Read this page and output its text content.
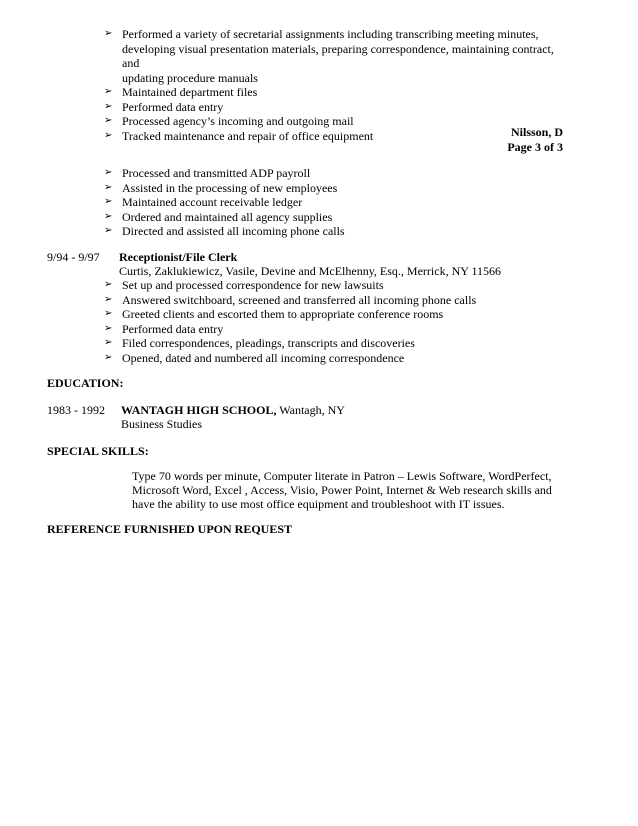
➢ Performed a variety of secretarial assignments including transcribing meeting minutes,
developing visual presentation materials, preparing correspondence, maintaining contract, and
updating procedure manuals
➢ Maintained department files
➢ Performed data entry
➢ Processed agency’s incoming and outgoing mail
➢ Tracked maintenance and repair of office equipment	Nilsson, D
Page 3 of 3
➢ Processed and transmitted ADP payroll
➢ Assisted in the processing of new employees
➢ Maintained account receivable ledger
➢ Ordered and maintained all agency supplies
➢ Directed and assisted all incoming phone calls
9/94 - 9/97 Receptionist/File Clerk
Curtis, Zaklukiewicz, Vasile, Devine and McElhenny, Esq., Merrick, NY 11566
➢ Set up and processed correspondence for new lawsuits
➢ Answered switchboard, screened and transferred all incoming phone calls
➢ Greeted clients and escorted them to appropriate conference rooms
➢ Performed data entry
➢ Filed correspondences, pleadings, transcripts and discoveries
➢ Opened, dated and numbered all incoming correspondence
EDUCATION:
1983 - 1992 WANTAGH HIGH SCHOOL, Wantagh, NY
Business Studies
SPECIAL SKILLS:
Type 70 words per minute, Computer literate in Patron – Lewis Software, WordPerfect,
Microsoft Word, Excel , Access, Visio, Power Point, Internet & Web research skills and
have the ability to use most office equipment and troubleshoot with IT issues.
REFERENCE FURNISHED UPON REQUEST
